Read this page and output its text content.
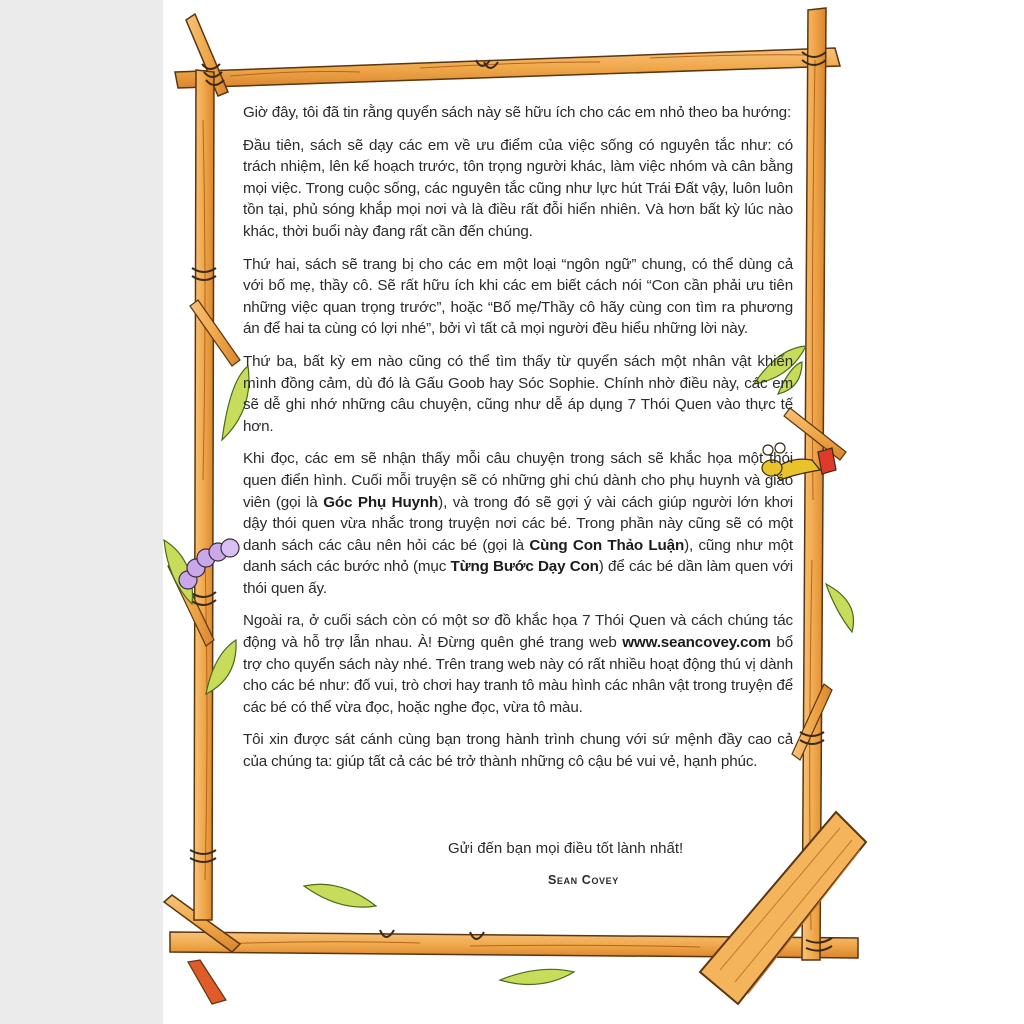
Giờ đây, tôi đã tin rằng quyển sách này sẽ hữu ích cho các em nhỏ theo ba hướng:

Đầu tiên, sách sẽ dạy các em về ưu điểm của việc sống có nguyên tắc như: có trách nhiệm, lên kế hoạch trước, tôn trọng người khác, làm việc nhóm và cân bằng mọi việc. Trong cuộc sống, các nguyên tắc cũng như lực hút Trái Đất vậy, luôn luôn tồn tại, phủ sóng khắp mọi nơi và là điều rất đỗi hiển nhiên. Và hơn bất kỳ lúc nào khác, thời buổi này đang rất cần đến chúng.

Thứ hai, sách sẽ trang bị cho các em một loại “ngôn ngữ” chung, có thể dùng cả với bố mẹ, thầy cô. Sẽ rất hữu ích khi các em biết cách nói “Con cần phải ưu tiên những việc quan trọng trước”, hoặc “Bố mẹ/Thầy cô hãy cùng con tìm ra phương án để hai ta cùng có lợi nhé”, bởi vì tất cả mọi người đều hiểu những lời này.

Thứ ba, bất kỳ em nào cũng có thể tìm thấy từ quyển sách một nhân vật khiến mình đồng cảm, dù đó là Gấu Goob hay Sóc Sophie. Chính nhờ điều này, các em sẽ dễ ghi nhớ những câu chuyện, cũng như dễ áp dụng 7 Thói Quen vào thực tế hơn.

Khi đọc, các em sẽ nhận thấy mỗi câu chuyện trong sách sẽ khắc họa một thói quen điển hình. Cuối mỗi truyện sẽ có những ghi chú dành cho phụ huynh và giáo viên (gọi là Góc Phụ Huynh), và trong đó sẽ gợi ý vài cách giúp người lớn khơi dậy thói quen vừa nhắc trong truyện nơi các bé. Trong phần này cũng sẽ có một danh sách các câu nên hỏi các bé (gọi là Cùng Con Thảo Luận), cũng như một danh sách các bước nhỏ (mục Từng Bước Dạy Con) để các bé dần làm quen với thói quen ấy.

Ngoài ra, ở cuối sách còn có một sơ đồ khắc họa 7 Thói Quen và cách chúng tác động và hỗ trợ lẫn nhau. À! Đừng quên ghé trang web www.seancovey.com bổ trợ cho quyển sách này nhé. Trên trang web này có rất nhiều hoạt động thú vị dành cho các bé như: đố vui, trò chơi hay tranh tô màu hình các nhân vật trong truyện để các bé có thể vừa đọc, hoặc nghe đọc, vừa tô màu.

Tôi xin được sát cánh cùng bạn trong hành trình chung với sứ mệnh đầy cao cả của chúng ta: giúp tất cả các bé trở thành những cô cậu bé vui vẻ, hạnh phúc.

Gửi đến bạn mọi điều tốt lành nhất!
Sean Covey
